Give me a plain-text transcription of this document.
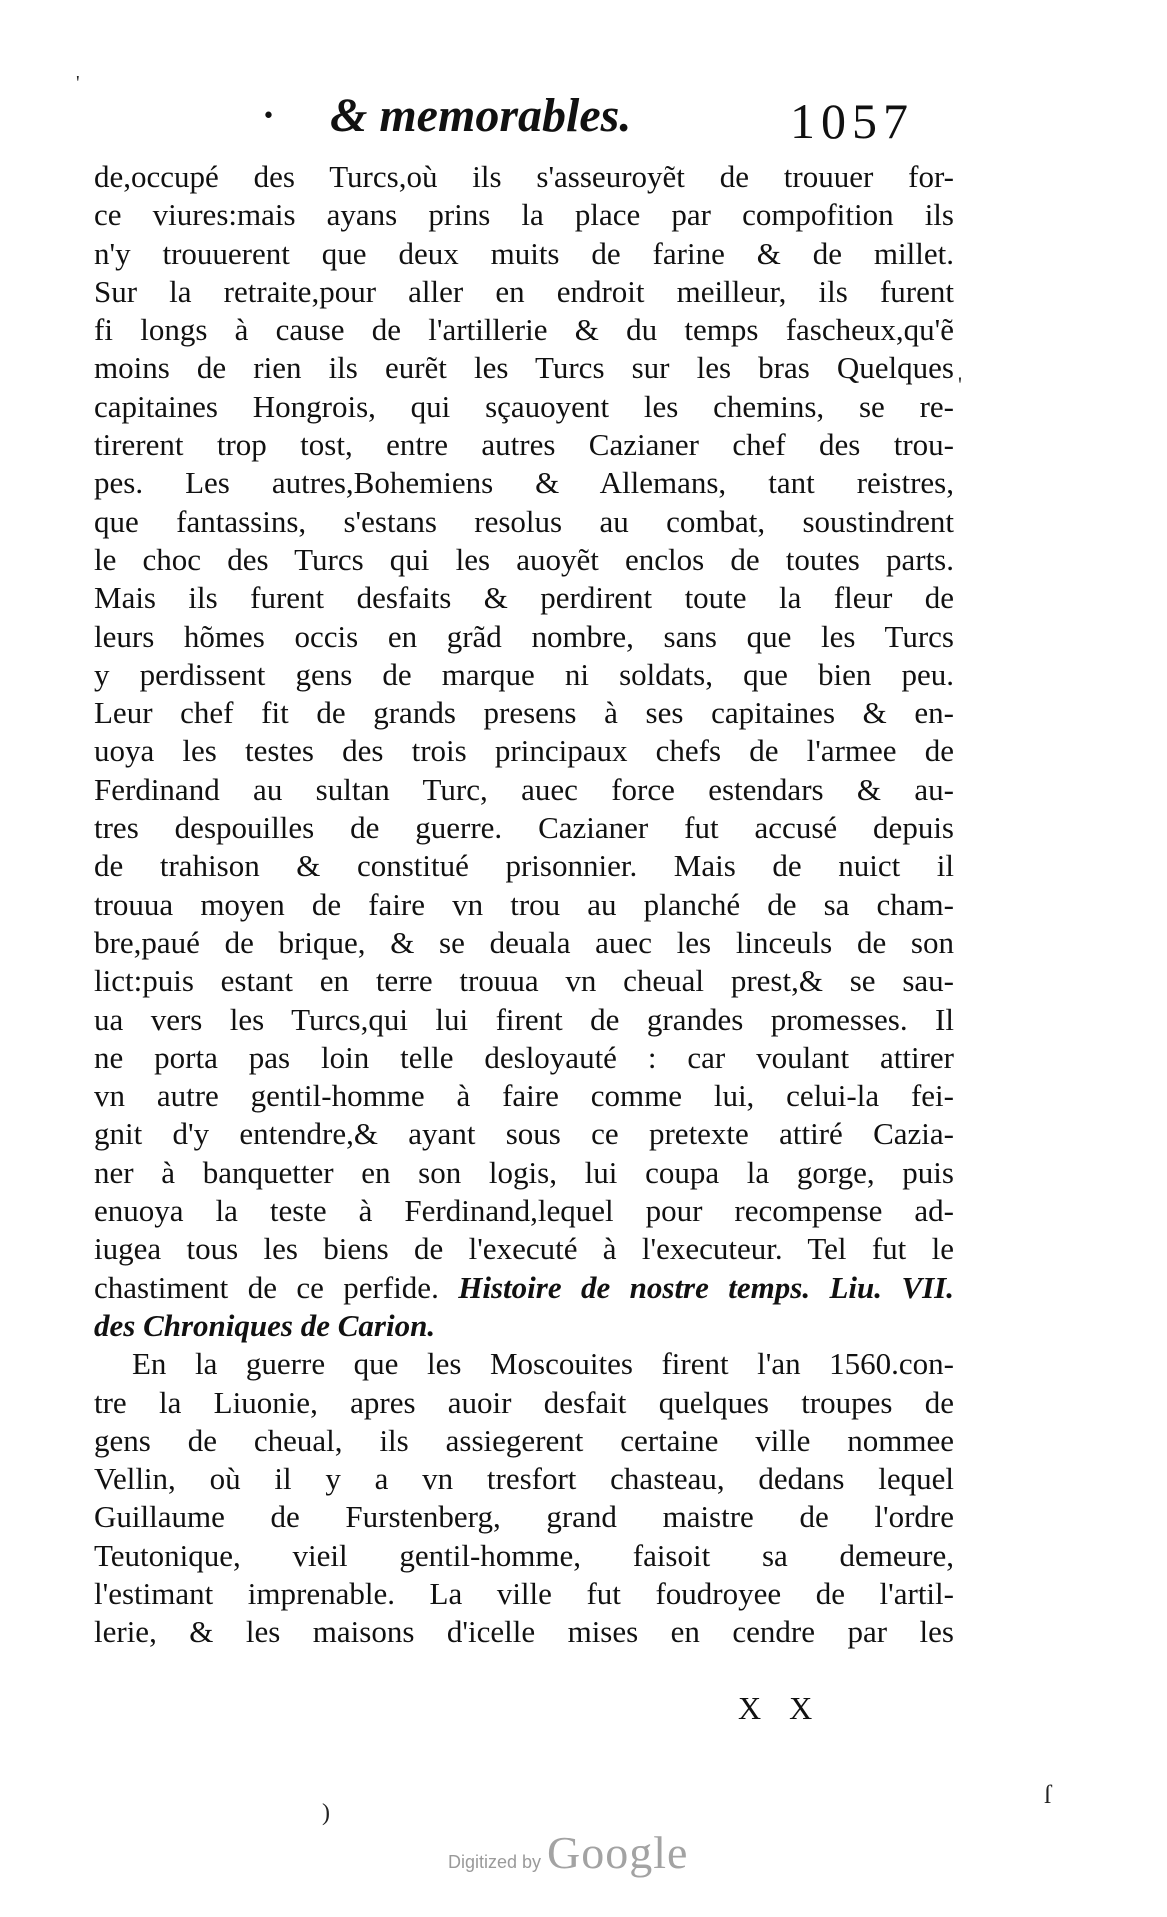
• & memorables.	1057
de,occupé des Turcs,où ils s'asseuroyẽt de trouuer for-
ce viures:mais ayans prins la place par compofition ils
n'y trouuerent que deux muits de farine & de millet.
Sur la retraite,pour aller en endroit meilleur, ils furent
fi longs à cause de l'artillerie & du temps fascheux,qu'ẽ
moins de rien ils eurẽt les Turcs sur les bras Quelques
capitaines Hongrois, qui sçauoyent les chemins, se re-
tirerent trop tost, entre autres Cazianer chef des trou-
pes. Les autres,Bohemiens & Allemans, tant reistres,
que fantassins, s'estans resolus au combat, soustindrent
le choc des Turcs qui les auoyẽt enclos de toutes parts.
Mais ils furent desfaits & perdirent toute la fleur de
leurs hõmes occis en grãd nombre, sans que les Turcs
y perdissent gens de marque ni soldats, que bien peu.
Leur chef fit de grands presens à ses capitaines & en-
uoya les testes des trois principaux chefs de l'armee de
Ferdinand au sultan Turc, auec force estendars & au-
tres despouilles de guerre. Cazianer fut accusé depuis
de trahison & constitué prisonnier. Mais de nuict il
trouua moyen de faire vn trou au planché de sa cham-
bre,paué de brique, & se deuala auec les linceuls de son
lict:puis estant en terre trouua vn cheual prest,& se sau-
ua vers les Turcs,qui lui firent de grandes promesses. Il
ne porta pas loin telle desloyauté : car voulant attirer
vn autre gentil-homme à faire comme lui, celui-la fei-
gnit d'y entendre,& ayant sous ce pretexte attiré Cazia-
ner à banquetter en son logis, lui coupa la gorge, puis
enuoya la teste à Ferdinand,lequel pour recompense ad-
iugea tous les biens de l'executé à l'executeur. Tel fut le
chastiment de ce perfide. Histoire de nostre temps. Liu. VII.
des Chroniques de Carion.
En la guerre que les Moscouites firent l'an 1560.con-
tre la Liuonie, apres auoir desfait quelques troupes de
gens de cheual, ils assiegerent certaine ville nommee
Vellin, où il y a vn tresfort chasteau, dedans lequel
Guillaume de Furstenberg, grand maistre de l'ordre
Teutonique, vieil gentil-homme, faisoit sa demeure,
l'estimant imprenable. La ville fut foudroyee de l'artil-
lerie, & les maisons d'icelle mises en cendre par les
X X
'
'
ſ
)
Digitized by Google
